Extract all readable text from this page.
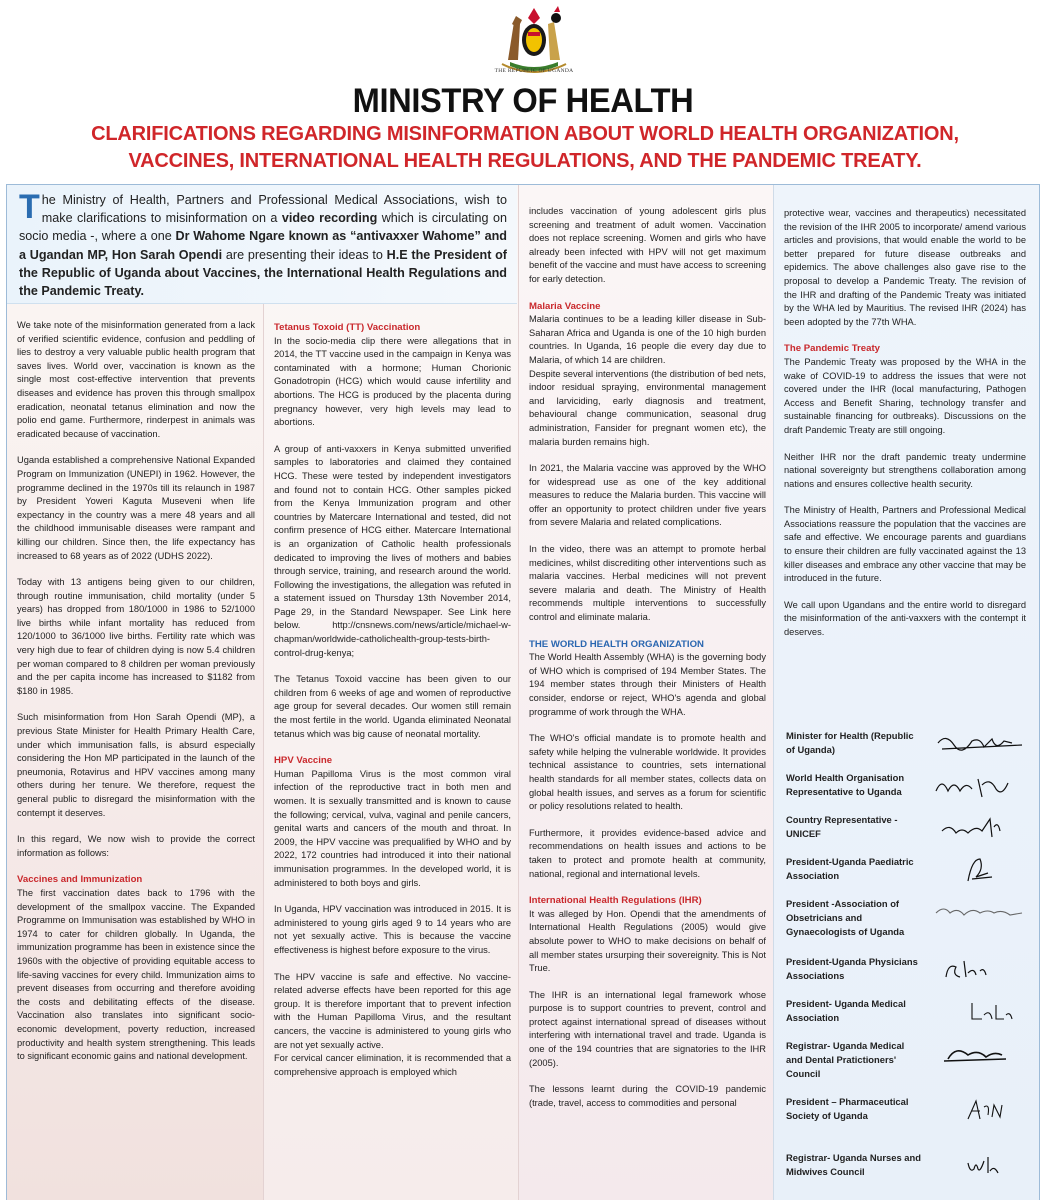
THE REPUBLIC OF UGANDA
MINISTRY OF HEALTH
CLARIFICATIONS REGARDING MISINFORMATION ABOUT WORLD HEALTH ORGANIZATION,
VACCINES, INTERNATIONAL HEALTH REGULATIONS, AND THE PANDEMIC TREATY.

The Ministry of Health, Partners and Professional Medical Associations, wish to make clarifications to misinformation on a video recording which is circulating on socio media -, where a one Dr Wahome Ngare known as “antivaxxer Wahome” and a Ugandan MP, Hon Sarah Opendi are presenting their ideas to H.E the President of the Republic of Uganda about Vaccines, the International Health Regulations and the Pandemic Treaty.

We take note of the misinformation generated from a lack of verified scientific evidence, confusion and peddling of lies to destroy a very valuable public health program that saves lives. World over, vaccination is known as the single most cost-effective intervention that prevents diseases and evidence has proven this through smallpox eradication, neonatal tetanus elimination and now the polio end game. Furthermore, rinderpest in animals was eradicated because of vaccination.

Uganda established a comprehensive National Expanded Program on Immunization (UNEPI) in 1962. However, the programme declined in the 1970s till its relaunch in 1987 by President Yoweri Kaguta Museveni when life expectancy in the country was a mere 48 years and all the childhood immunisable diseases were rampant and killing our children. Since then, the life expectancy has increased to 68 years as of 2022 (UDHS 2022).

Today with 13 antigens being given to our children, through routine immunisation, child mortality (under 5 years) has dropped from 180/1000 in 1986 to 52/1000 live births while infant mortality has reduced from 120/1000 to 36/1000 live births. Fertility rate which was very high due to fear of children dying is now 5.4 children per woman compared to 8 children per woman previously and the per capita income has increased to $1182 from $180 in 1985.

Such misinformation from Hon Sarah Opendi (MP), a previous State Minister for Health Primary Health Care, under which immunisation falls, is absurd especially considering the Hon MP participated in the launch of the pneumonia, Rotavirus and HPV vaccines among many others during her tenure. We therefore, request the general public to disregard the misinformation with the contempt it deserves.

In this regard, We now wish to provide the correct information as follows:

Vaccines and Immunization

The first vaccination dates back to 1796 with the development of the smallpox vaccine. The Expanded Programme on Immunisation was established by WHO in 1974 to cater for children globally. In Uganda, the immunization programme has been in existence since the 1960s with the objective of providing equitable access to life-saving vaccines for every child. Immunization aims to prevent diseases from occurring and therefore avoiding the costs and debilitating effects of the disease. Vaccination also translates into significant socio-economic development, poverty reduction, increased productivity and health system strengthening. This leads to significant economic gains and national development.

Tetanus Toxoid (TT) Vaccination

In the socio-media clip there were allegations that in 2014, the TT vaccine used in the campaign in Kenya was contaminated with a hormone; Human Chorionic Gonadotropin (HCG) which would cause infertility and abortions. The HCG is produced by the placenta during pregnancy however, very high levels may lead to abortions.

A group of anti-vaxxers in Kenya submitted unverified samples to laboratories and claimed they contained HCG. These were tested by independent investigators and found not to contain HCG. Other samples picked from the Kenya Immunization program and other countries by Matercare International and tested, did not confirm presence of HCG either. Matercare International is an organization of Catholic health professionals dedicated to improving the lives of mothers and babies through service, training, and research around the world. Following the investigations, the allegation was refuted in a statement issued on Thursday 13th November 2014, Page 29, in the Standard Newspaper. See Link here below. http://cnsnews.com/news/article/michael-w-chapman/worldwide-catholichealth-group-tests-birth-control-drug-kenya;

The Tetanus Toxoid vaccine has been given to our children from 6 weeks of age and women of reproductive age group for several decades. Our women still remain the most fertile in the world. Uganda eliminated Neonatal tetanus which was big cause of neonatal mortality.

HPV Vaccine

Human Papilloma Virus is the most common viral infection of the reproductive tract in both men and women. It is sexually transmitted and is known to cause the following; cervical, vulva, vaginal and penile cancers, genital warts and cancers of the mouth and throat. In 2009, the HPV vaccine was prequalified by WHO and by 2022, 172 countries had introduced it into their national immunisation programmes. In the developed world, it is administered to both boys and girls.

In Uganda, HPV vaccination was introduced in 2015. It is administered to young girls aged 9 to 14 years who are not yet sexually active. This is because the vaccine effectiveness is highest before exposure to the virus.

The HPV vaccine is safe and effective. No vaccine-related adverse effects have been reported for this age group. It is therefore important that to prevent infection with the Human Papilloma Virus, and the resultant cancers, the vaccine is administered to young girls who are not yet sexually active.

For cervical cancer elimination, it is recommended that a comprehensive approach is employed which

includes vaccination of young adolescent girls plus screening and treatment of adult women. Vaccination does not replace screening. Women and girls who have already been infected with HPV will not get maximum benefit of the vaccine and must have access to screening for early detection.

Malaria Vaccine

Malaria continues to be a leading killer disease in Sub-Saharan Africa and Uganda is one of the 10 high burden countries. In Uganda, 16 people die every day due to Malaria, of which 14 are children.

Despite several interventions (the distribution of bed nets, indoor residual spraying, environmental management and larviciding, early diagnosis and treatment, behavioural change communication, seasonal drug administration, Fansider for pregnant women etc), the malaria burden remains high.

In 2021, the Malaria vaccine was approved by the WHO for widespread use as one of the key additional measures to reduce the Malaria burden. This vaccine will offer an opportunity to protect children under five years from severe Malaria and related complications.

In the video, there was an attempt to promote herbal medicines, whilst discrediting other interventions such as malaria vaccines. Herbal medicines will not prevent severe malaria and death. The Ministry of Health recommends multiple interventions to successfully control and eliminate malaria.

THE WORLD HEALTH ORGANIZATION

The World Health Assembly (WHA) is the governing body of WHO which is comprised of 194 Member States. The 194 member states through their Ministers of Health consider, endorse or reject, WHO's agenda and global programme of work through the WHA.

The WHO's official mandate is to promote health and safety while helping the vulnerable worldwide. It provides technical assistance to countries, sets international health standards for all member states, collects data on global health issues, and serves as a forum for scientific or policy resolutions related to health.

Furthermore, it provides evidence-based advice and recommendations on health issues and actions to be taken to protect and promote health at community, national, regional and international levels.

International Health Regulations (IHR)

It was alleged by Hon. Opendi that the amendments of International Health Regulations (2005) would give absolute power to WHO to make decisions on behalf of all member states ursurping their sovereignity. This is Not True.

The IHR is an international legal framework whose purpose is to support countries to prevent, control and protect against international spread of diseases without interfering with international travel and trade. Uganda is one of the 194 countries that are signatories to the IHR (2005).

The lessons learnt during the COVID-19 pandemic (trade, travel, access to commodities and personal

protective wear, vaccines and therapeutics) necessitated the revision of the IHR 2005 to incorporate/ amend various articles and provisions, that would enable the world to be better prepared for future disease outbreaks and epidemics. The above challenges also gave rise to the proposal to develop a Pandemic Treaty. The revision of the IHR and drafting of the Pandemic Treaty was initiated by the WHA led by Mauritius. The revised IHR (2024) has been adopted by the 77th WHA.

The Pandemic Treaty

The Pandemic Treaty was proposed by the WHA in the wake of COVID-19 to address the issues that were not covered under the IHR (local manufacturing, Pathogen Access and Benefit Sharing, technology transfer and sustainable financing for outbreaks). Discussions on the draft Pandemic Treaty are still ongoing.

Neither IHR nor the draft pandemic treaty undermine national sovereignty but strengthens collaboration among nations and ensures collective health security.

The Ministry of Health, Partners and Professional Medical Associations reassure the population that the vaccines are safe and effective. We encourage parents and guardians to ensure their children are fully vaccinated against the 13 killer diseases and embrace any other vaccine that may be introduced in the future.

We call upon Ugandans and the entire world to disregard the misinformation of the anti-vaxxers with the contempt it deserves.

Minister for Health (Republic of Uganda)
World Health Organisation Representative to Uganda
Country Representative - UNICEF
President-Uganda Paediatric Association
President -Association of Obsetricians and Gynaecologists of Uganda
President-Uganda Physicians Associations
President- Uganda Medical Association
Registrar- Uganda Medical and Dental Pratictioners' Council
President – Pharmaceutical Society of Uganda
Registrar- Uganda Nurses and Midwives Council
